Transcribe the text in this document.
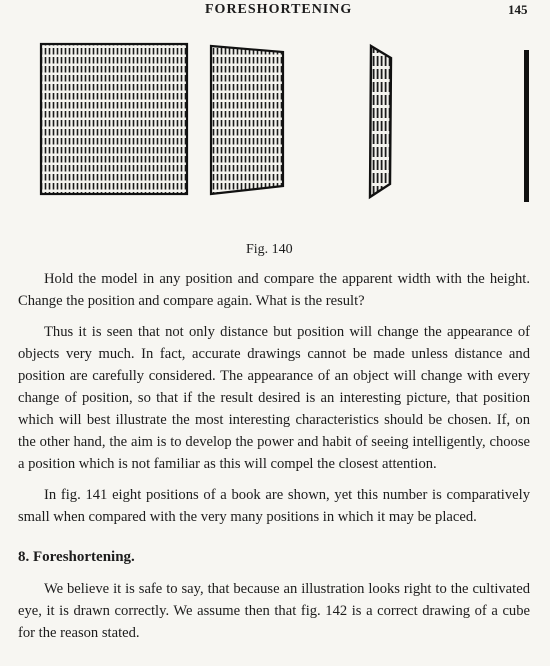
FORESHORTENING	145
Fig. 140

Hold the model in any position and compare the apparent width with the height. Change the position and compare again. What is the result?

Thus it is seen that not only distance but position will change the appearance of objects very much. In fact, accurate drawings cannot be made unless distance and position are carefully considered. The appearance of an object will change with every change of position, so that if the result desired is an interesting picture, that position which will best illustrate the most interesting characteristics should be chosen. If, on the other hand, the aim is to develop the power and habit of seeing intelligently, choose a position which is not familiar as this will compel the closest attention.

In fig. 141 eight positions of a book are shown, yet this number is comparatively small when compared with the very many positions in which it may be placed.

8. Foreshortening.

We believe it is safe to say, that because an illustration looks right to the cultivated eye, it is drawn correctly. We assume then that fig. 142 is a correct drawing of a cube for the reason stated.
